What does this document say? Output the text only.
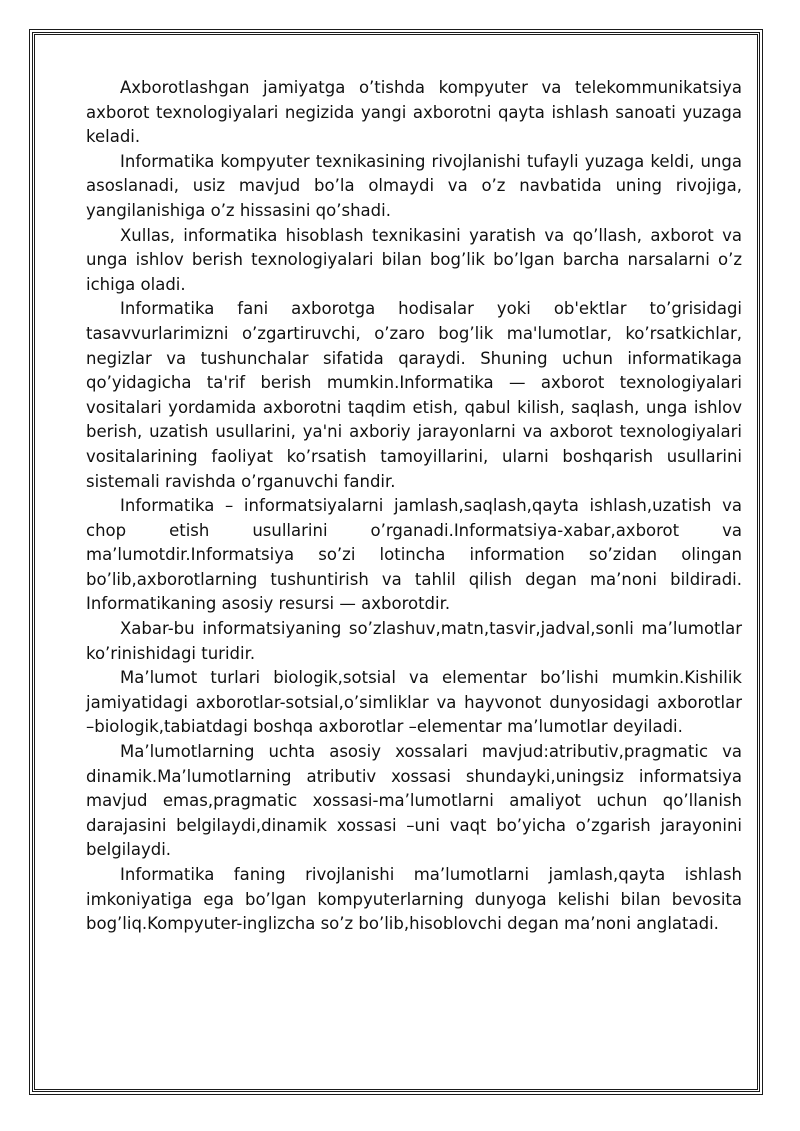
Axborotlashgan jamiyatga o’tishda kompyuter va telekommunikatsiya axborot texnologiyalari negizida yangi axborotni qayta ishlash sanoati yuzaga keladi.

Informatika kompyuter texnikasining rivojlanishi tufayli yuzaga keldi, unga asoslanadi, usiz mavjud bo’la olmaydi va o’z navbatida uning rivojiga, yangilanishiga o’z hissasini qo’shadi.

Xullas, informatika hisoblash texnikasini yaratish va qo’llash, axborot va unga ishlov berish texnologiyalari bilan bog’lik bo’lgan barcha narsalarni o’z ichiga oladi.

Informatika fani axborotga hodisalar yoki ob'ektlar to’grisidagi tasavvurlarimizni o’zgartiruvchi, o’zaro bog’lik ma'lumotlar, ko’rsatkichlar, negizlar va tushunchalar sifatida qaraydi. Shuning uchun informatikaga qo’yidagicha ta'rif berish mumkin.Informatika — axborot texnologiyalari vositalari yordamida axborotni taqdim etish, qabul kilish, saqlash, unga ishlov berish, uzatish usullarini, ya'ni axboriy jarayonlarni va axborot texnologiyalari vositalarining faoliyat ko’rsatish tamoyillarini, ularni boshqarish usullarini sistemali ravishda o’rganuvchi fandir.

Informatika – informatsiyalarni jamlash,saqlash,qayta ishlash,uzatish va chop etish usullarini o’rganadi.Informatsiya-xabar,axborot va ma’lumotdir.Informatsiya so’zi lotincha information so’zidan olingan bo’lib,axborotlarning tushuntirish va tahlil qilish degan ma’noni bildiradi. Informatikaning asosiy resursi — axborotdir.

Xabar-bu informatsiyaning so’zlashuv,matn,tasvir,jadval,sonli ma’lumotlar ko’rinishidagi turidir.

Ma’lumot turlari biologik,sotsial va elementar bo’lishi mumkin.Kishilik jamiyatidagi axborotlar-sotsial,o’simliklar va hayvonot dunyosidagi axborotlar –biologik,tabiatdagi boshqa axborotlar –elementar ma’lumotlar deyiladi.

Ma’lumotlarning uchta asosiy xossalari mavjud:atributiv,pragmatic va dinamik.Ma’lumotlarning atributiv xossasi shundayki,uningsiz informatsiya mavjud emas,pragmatic xossasi-ma’lumotlarni amaliyot uchun qo’llanish darajasini belgilaydi,dinamik xossasi –uni vaqt bo’yicha o’zgarish jarayonini belgilaydi.

Informatika faning rivojlanishi ma’lumotlarni jamlash,qayta ishlash imkoniyatiga ega bo’lgan kompyuterlarning dunyoga kelishi bilan bevosita bog’liq.Kompyuter-inglizcha so’z bo’lib,hisoblovchi degan ma’noni anglatadi.
